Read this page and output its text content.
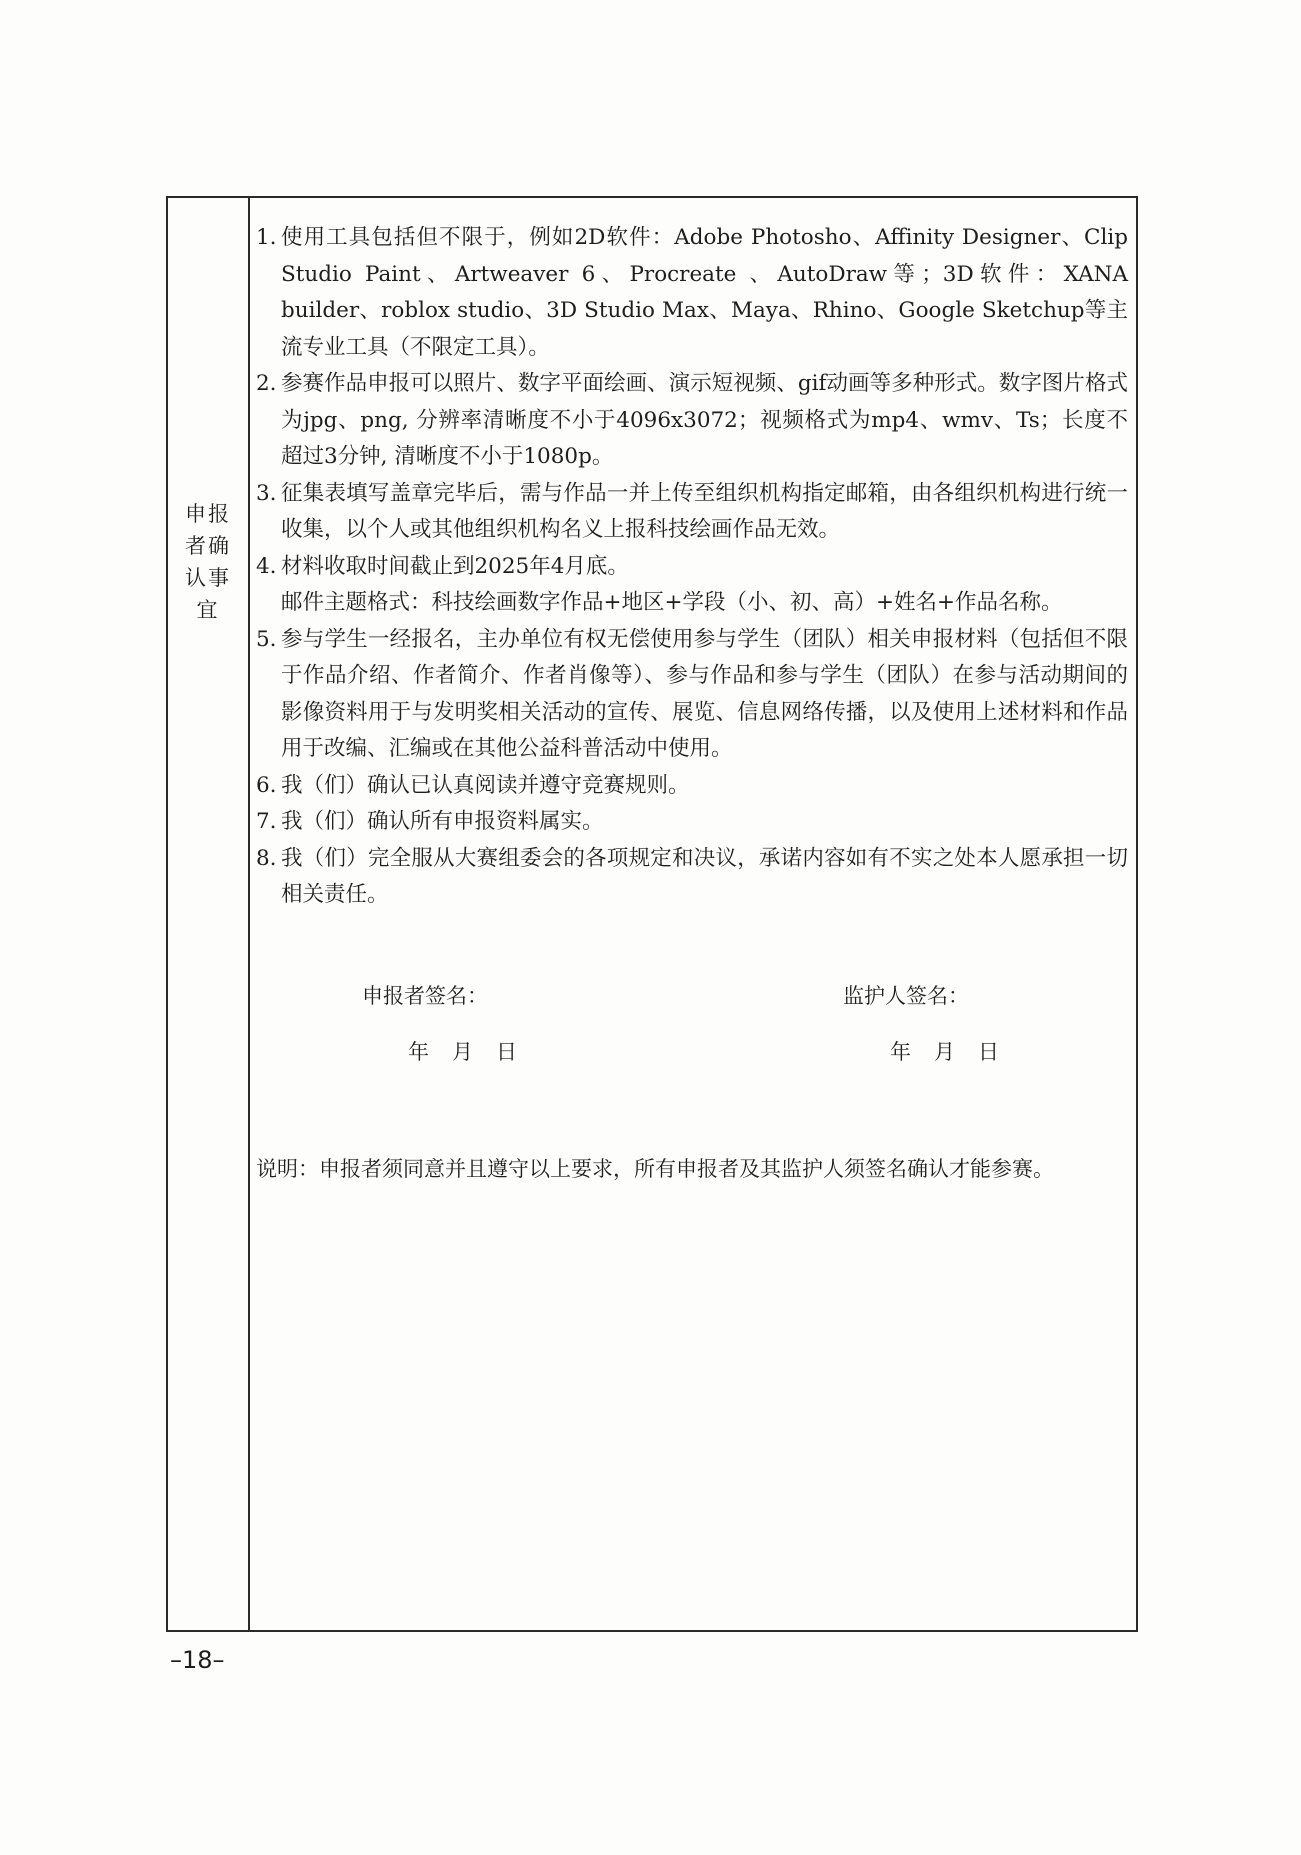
申报
者确
认事
宜
1. 使用工具包括但不限于，例如2D软件：Adobe Photosho、Affinity Designer、Clip Studio Paint、Artweaver 6、Procreate 、AutoDraw等；3D软件：XANA builder、roblox studio、3D Studio Max、Maya、Rhino、Google Sketchup等主流专业工具（不限定工具）。
2. 参赛作品申报可以照片、数字平面绘画、演示短视频、gif动画等多种形式。数字图片格式为jpg、png, 分辨率清晰度不小于4096x3072；视频格式为mp4、wmv、Ts；长度不超过3分钟, 清晰度不小于1080p。
3. 征集表填写盖章完毕后，需与作品一并上传至组织机构指定邮箱，由各组织机构进行统一收集，以个人或其他组织机构名义上报科技绘画作品无效。
4. 材料收取时间截止到2025年4月底。
邮件主题格式：科技绘画数字作品+地区+学段（小、初、高）+姓名+作品名称。
5. 参与学生一经报名，主办单位有权无偿使用参与学生（团队）相关申报材料（包括但不限于作品介绍、作者简介、作者肖像等）、参与作品和参与学生（团队）在参与活动期间的影像资料用于与发明奖相关活动的宣传、展览、信息网络传播，以及使用上述材料和作品用于改编、汇编或在其他公益科普活动中使用。
6. 我（们）确认已认真阅读并遵守竞赛规则。
7. 我（们）确认所有申报资料属实。
8. 我（们）完全服从大赛组委会的各项规定和决议，承诺内容如有不实之处本人愿承担一切相关责任。
申报者签名：	监护人签名：
年 月 日	年 月 日
说明：申报者须同意并且遵守以上要求，所有申报者及其监护人须签名确认才能参赛。
–18–
